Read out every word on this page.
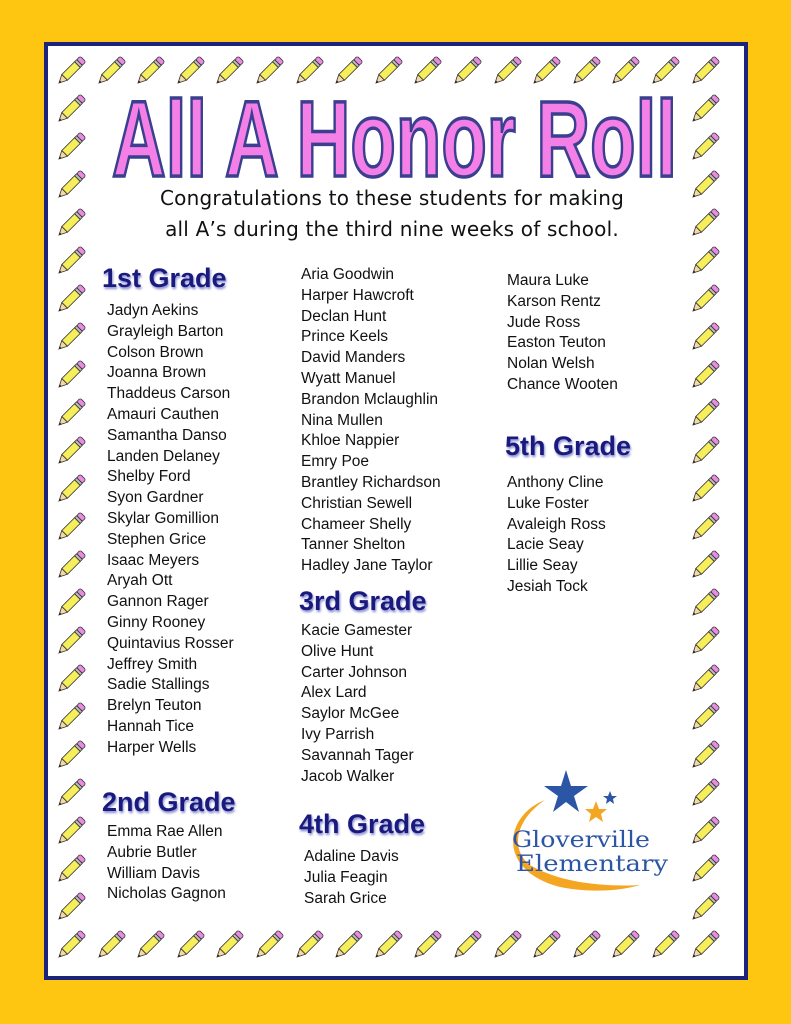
All A Honor Roll
Congratulations to these students for making
all A’s during the third nine weeks of school.
1st Grade
Jadyn Aekins
Grayleigh Barton
Colson Brown
Joanna Brown
Thaddeus Carson
Amauri Cauthen
Samantha Danso
Landen Delaney
Shelby Ford
Syon Gardner
Skylar Gomillion
Stephen Grice
Isaac Meyers
Aryah Ott
Gannon Rager
Ginny Rooney
Quintavius Rosser
Jeffrey Smith
Sadie Stallings
Brelyn Teuton
Hannah Tice
Harper Wells
2nd Grade
Emma Rae Allen
Aubrie Butler
William Davis
Nicholas Gagnon
Aria Goodwin
Harper Hawcroft
Declan Hunt
Prince Keels
David Manders
Wyatt Manuel
Brandon Mclaughlin
Nina Mullen
Khloe Nappier
Emry Poe
Brantley Richardson
Christian Sewell
Chameer Shelly
Tanner Shelton
Hadley Jane Taylor
3rd Grade
Kacie Gamester
Olive Hunt
Carter Johnson
Alex Lard
Saylor McGee
Ivy Parrish
Savannah Tager
Jacob Walker
4th Grade
Adaline Davis
Julia Feagin
Sarah Grice
Maura Luke
Karson Rentz
Jude Ross
Easton Teuton
Nolan Welsh
Chance Wooten
5th Grade
Anthony Cline
Luke Foster
Avaleigh Ross
Lacie Seay
Lillie Seay
Jesiah Tock
Gloverville
Elementary
